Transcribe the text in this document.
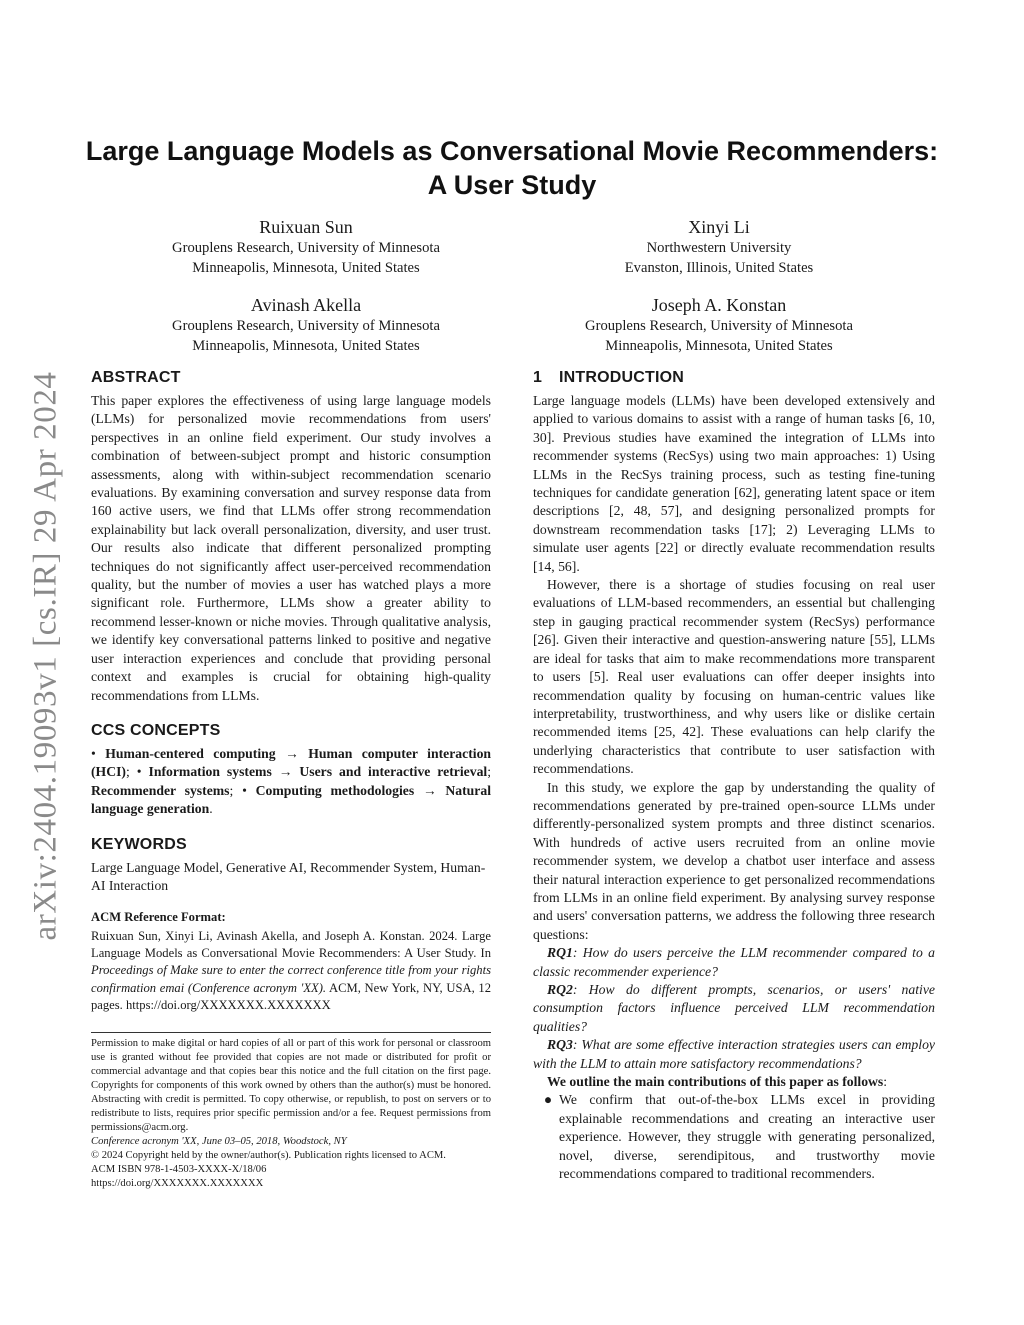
arXiv:2404.19093v1 [cs.IR] 29 Apr 2024
Large Language Models as Conversational Movie Recommenders:
A User Study
Ruixuan Sun
Grouplens Research, University of Minnesota
Minneapolis, Minnesota, United States
Xinyi Li
Northwestern University
Evanston, Illinois, United States
Avinash Akella
Grouplens Research, University of Minnesota
Minneapolis, Minnesota, United States
Joseph A. Konstan
Grouplens Research, University of Minnesota
Minneapolis, Minnesota, United States
ABSTRACT

This paper explores the effectiveness of using large language models (LLMs) for personalized movie recommendations from users' perspectives in an online field experiment. Our study involves a combination of between-subject prompt and historic consumption assessments, along with within-subject recommendation scenario evaluations. By examining conversation and survey response data from 160 active users, we find that LLMs offer strong recommendation explainability but lack overall personalization, diversity, and user trust. Our results also indicate that different personalized prompting techniques do not significantly affect user-perceived recommendation quality, but the number of movies a user has watched plays a more significant role. Furthermore, LLMs show a greater ability to recommend lesser-known or niche movies. Through qualitative analysis, we identify key conversational patterns linked to positive and negative user interaction experiences and conclude that providing personal context and examples is crucial for obtaining high-quality recommendations from LLMs.

CCS CONCEPTS

• Human-centered computing → Human computer interaction (HCI); • Information systems → Users and interactive retrieval; Recommender systems; • Computing methodologies → Natural language generation.

KEYWORDS

Large Language Model, Generative AI, Recommender System, Human-AI Interaction

ACM Reference Format:

Ruixuan Sun, Xinyi Li, Avinash Akella, and Joseph A. Konstan. 2024. Large Language Models as Conversational Movie Recommenders: A User Study. In Proceedings of Make sure to enter the correct conference title from your rights confirmation emai (Conference acronym 'XX). ACM, New York, NY, USA, 12 pages. https://doi.org/XXXXXXX.XXXXXXX

Permission to make digital or hard copies of all or part of this work for personal or classroom use is granted without fee provided that copies are not made or distributed for profit or commercial advantage and that copies bear this notice and the full citation on the first page. Copyrights for components of this work owned by others than the author(s) must be honored. Abstracting with credit is permitted. To copy otherwise, or republish, to post on servers or to redistribute to lists, requires prior specific permission and/or a fee. Request permissions from permissions@acm.org.

Conference acronym 'XX, June 03–05, 2018, Woodstock, NY

© 2024 Copyright held by the owner/author(s). Publication rights licensed to ACM.

ACM ISBN 978-1-4503-XXXX-X/18/06

https://doi.org/XXXXXXX.XXXXXXX

1 INTRODUCTION

Large language models (LLMs) have been developed extensively and applied to various domains to assist with a range of human tasks [6, 10, 30]. Previous studies have examined the integration of LLMs into recommender systems (RecSys) using two main approaches: 1) Using LLMs in the RecSys training process, such as testing fine-tuning techniques for candidate generation [62], generating latent space or item descriptions [2, 48, 57], and designing personalized prompts for downstream recommendation tasks [17]; 2) Leveraging LLMs to simulate user agents [22] or directly evaluate recommendation results [14, 56].

However, there is a shortage of studies focusing on real user evaluations of LLM-based recommenders, an essential but challenging step in gauging practical recommender system (RecSys) performance [26]. Given their interactive and question-answering nature [55], LLMs are ideal for tasks that aim to make recommendations more transparent to users [5]. Real user evaluations can offer deeper insights into recommendation quality by focusing on human-centric values like interpretability, trustworthiness, and why users like or dislike certain recommended items [25, 42]. These evaluations can help clarify the underlying characteristics that contribute to user satisfaction with recommendations.

In this study, we explore the gap by understanding the quality of recommendations generated by pre-trained open-source LLMs under differently-personalized system prompts and three distinct scenarios. With hundreds of active users recruited from an online movie recommender system, we develop a chatbot user interface and assess their natural interaction experience to get personalized recommendations from LLMs in an online field experiment. By analysing survey response and users' conversation patterns, we address the following three research questions:

RQ1: How do users perceive the LLM recommender compared to a classic recommender experience?

RQ2: How do different prompts, scenarios, or users' native consumption factors influence perceived LLM recommendation qualities?

RQ3: What are some effective interaction strategies users can employ with the LLM to attain more satisfactory recommendations?

We outline the main contributions of this paper as follows:

● We confirm that out-of-the-box LLMs excel in providing explainable recommendations and creating an interactive user experience. However, they struggle with generating personalized, novel, diverse, serendipitous, and trustworthy movie recommendations compared to traditional recommenders.
